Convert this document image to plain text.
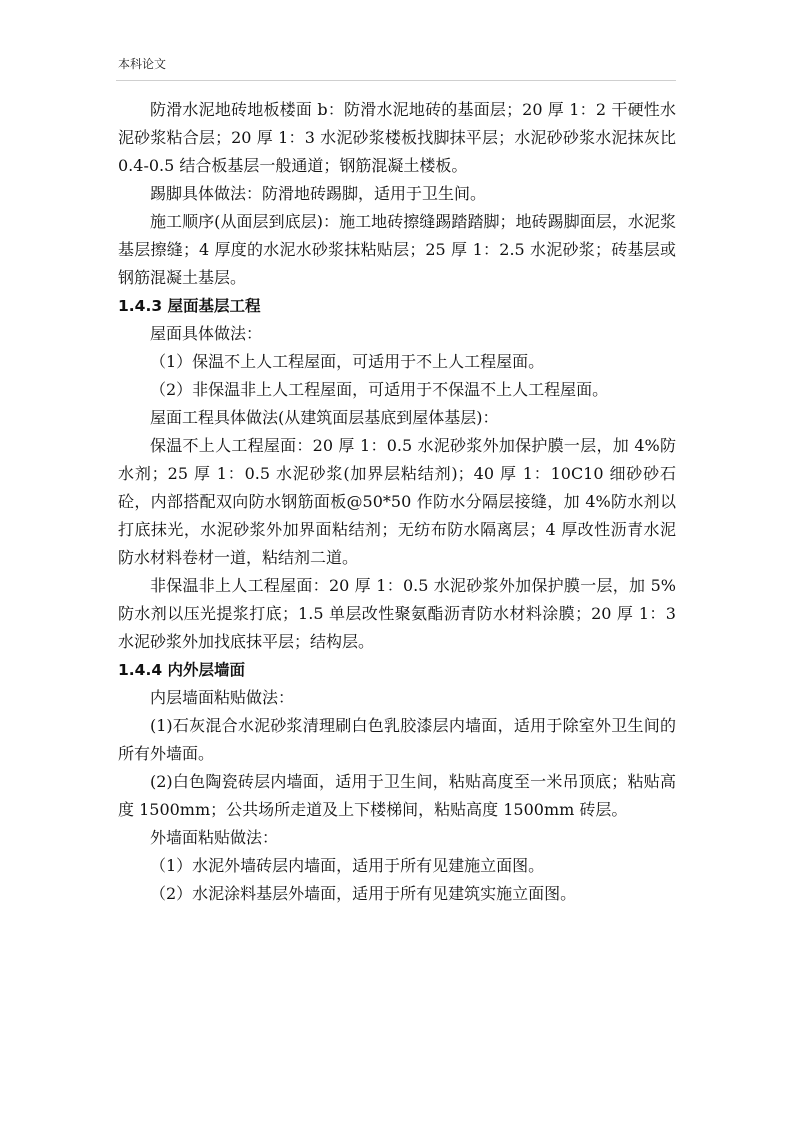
本科论文

防滑水泥地砖地板楼面 b：防滑水泥地砖的基面层；20 厚 1：2 干硬性水泥砂浆粘合层；20 厚 1：3 水泥砂浆楼板找脚抹平层；水泥砂砂浆水泥抹灰比 0.4-0.5 结合板基层一般通道；钢筋混凝土楼板。

踢脚具体做法：防滑地砖踢脚，适用于卫生间。

施工顺序(从面层到底层)：施工地砖擦缝踢踏踏脚；地砖踢脚面层，水泥浆基层擦缝；4 厚度的水泥水砂浆抹粘贴层；25 厚 1：2.5 水泥砂浆；砖基层或钢筋混凝土基层。

1.4.3 屋面基层工程

屋面具体做法：

（1）保温不上人工程屋面，可适用于不上人工程屋面。

（2）非保温非上人工程屋面，可适用于不保温不上人工程屋面。

屋面工程具体做法(从建筑面层基底到屋体基层)：

保温不上人工程屋面：20 厚 1：0.5 水泥砂浆外加保护膜一层，加 4%防水剂；25 厚 1：0.5 水泥砂浆(加界层粘结剂)；40 厚 1：10C10 细砂砂石砼，内部搭配双向防水钢筋面板@50*50 作防水分隔层接缝，加 4%防水剂以打底抹光，水泥砂浆外加界面粘结剂；无纺布防水隔离层；4 厚改性沥青水泥防水材料卷材一道，粘结剂二道。

非保温非上人工程屋面：20 厚 1：0.5 水泥砂浆外加保护膜一层，加 5%防水剂以压光提浆打底；1.5 单层改性聚氨酯沥青防水材料涂膜；20 厚 1：3 水泥砂浆外加找底抹平层；结构层。

1.4.4 内外层墙面

内层墙面粘贴做法：

(1)石灰混合水泥砂浆清理刷白色乳胶漆层内墙面，适用于除室外卫生间的所有外墙面。

(2)白色陶瓷砖层内墙面，适用于卫生间，粘贴高度至一米吊顶底；粘贴高度 1500mm；公共场所走道及上下楼梯间，粘贴高度 1500mm 砖层。

外墙面粘贴做法：

（1）水泥外墙砖层内墙面，适用于所有见建施立面图。

（2）水泥涂料基层外墙面，适用于所有见建筑实施立面图。
